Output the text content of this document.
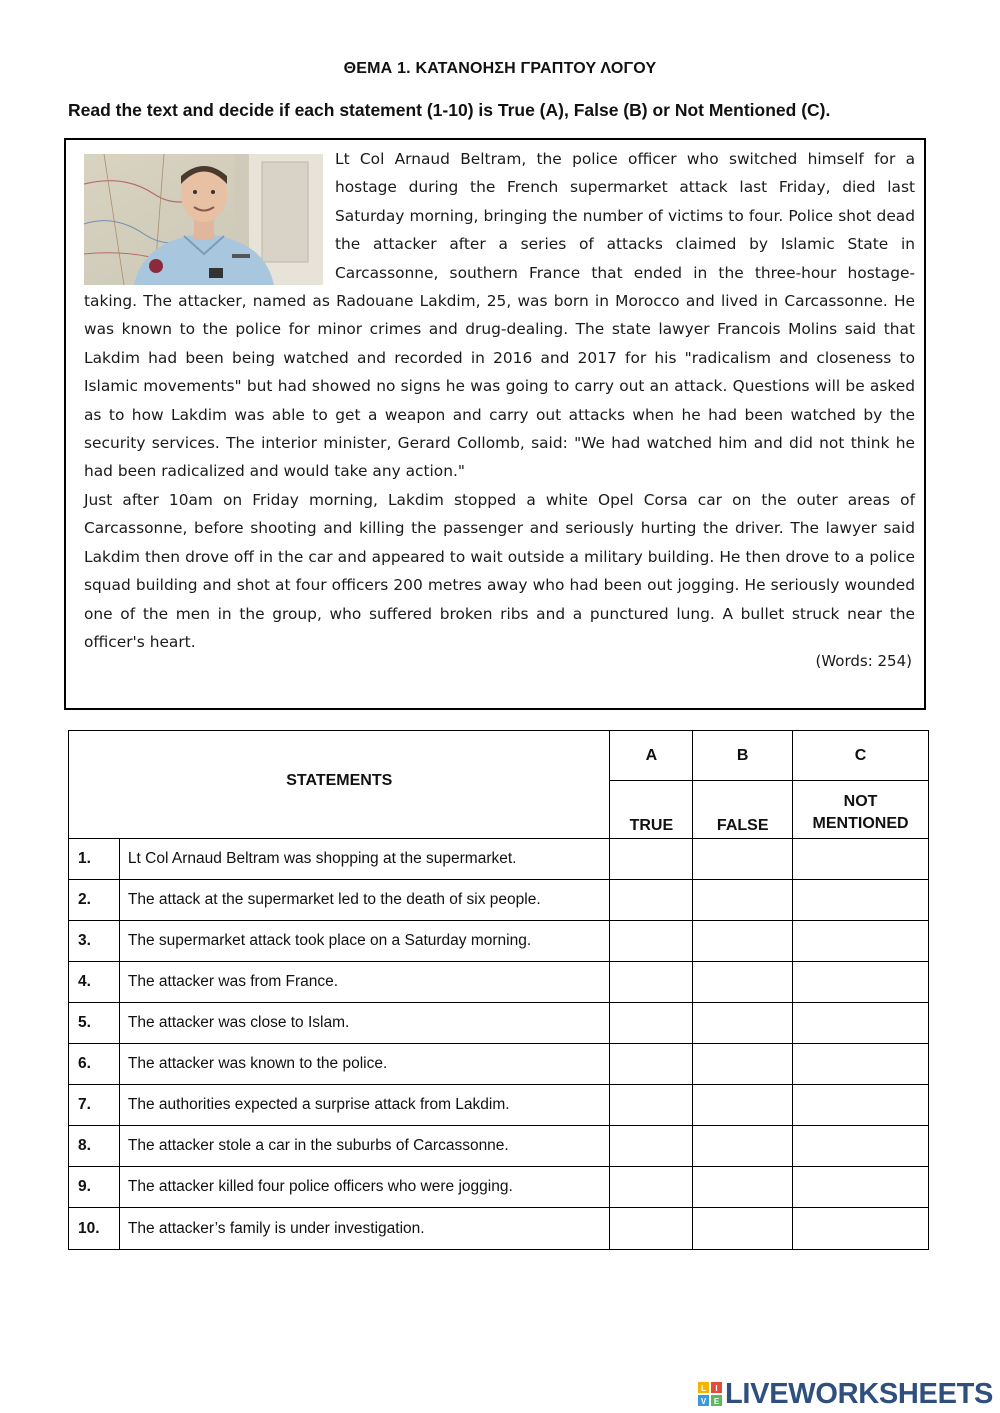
ΘΕΜΑ 1. ΚΑΤΑΝΟΗΣΗ ΓΡΑΠΤΟΥ ΛΟΓΟΥ
Read the text and decide if each statement (1-10) is True (A), False (B) or Not Mentioned (C).

Lt Col Arnaud Beltram, the police officer who switched himself for a hostage during the French supermarket attack last Friday, died last Saturday morning, bringing the number of victims to four. Police shot dead the attacker after a series of attacks claimed by Islamic State in Carcassonne, southern France that ended in the three-hour hostage-taking. The attacker, named as Radouane Lakdim, 25, was born in Morocco and lived in Carcassonne. He was known to the police for minor crimes and drug-dealing. The state lawyer Francois Molins said that Lakdim had been being watched and recorded in 2016 and 2017 for his "radicalism and closeness to Islamic movements" but had showed no signs he was going to carry out an attack. Questions will be asked as to how Lakdim was able to get a weapon and carry out attacks when he had been watched by the security services. The interior minister, Gerard Collomb, said: "We had watched him and did not think he had been radicalized and would take any action."

Just after 10am on Friday morning, Lakdim stopped a white Opel Corsa car on the outer areas of Carcassonne, before shooting and killing the passenger and seriously hurting the driver. The lawyer said Lakdim then drove off in the car and appeared to wait outside a military building. He then drove to a police squad building and shot at four officers 200 metres away who had been out jogging. He seriously wounded one of the men in the group, who suffered broken ribs and a punctured lung. A bullet struck near the officer's heart.

(Words: 254)
STATEMENTS		A	B	C
		TRUE	FALSE	NOT
MENTIONED

1.	Lt Col Arnaud Beltram was shopping at the supermarket.			
2.	The attack at the supermarket led to the death of six people.			
3.	The supermarket attack took place on a Saturday morning.			
4.	The attacker was from France.			
5.	The attacker was close to Islam.			
6.	The attacker was known to the police.			
7.	The authorities expected a surprise attack from Lakdim.			
8.	The attacker stole a car in the suburbs of Carcassonne.			
9.	The attacker killed four police officers who were jogging.			
10.	The attacker’s family is under investigation.			
L I
V E LIVEWORKSHEETS
